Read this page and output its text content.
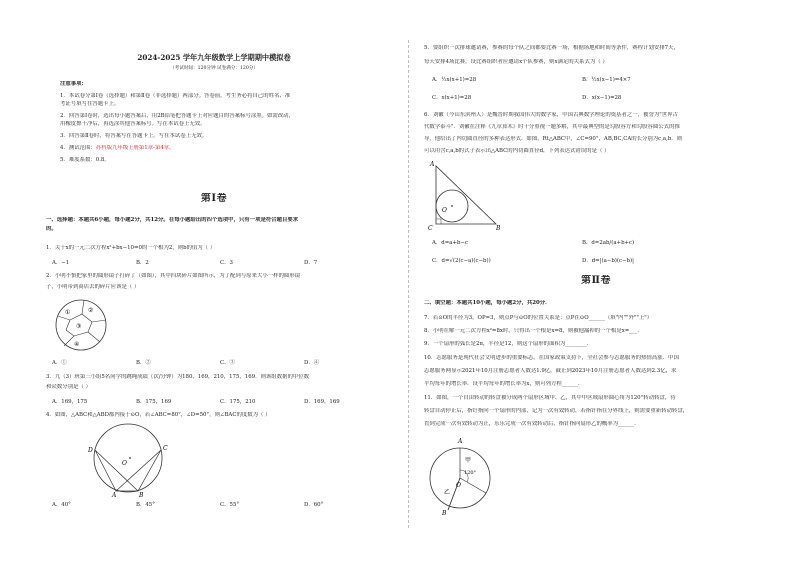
2024-2025 学年九年级数学上学期期中模拟卷
（考试时间：120分钟 试卷满分：120分）
注意事项:
1．本试卷分第Ⅰ卷（选择题）和第Ⅱ卷（非选择题）两部分。答卷前，考生务必将自己的姓名、准
考证号填写在答题卡上。
2．回答第Ⅰ卷时，选出每小题答案后，用2B铅笔把答题卡上对应题目的答案标号涂黑。如需改动，
用橡皮擦干净后，再选涂其他答案标号。写在本试卷上无效。
3．回答第Ⅱ卷时，将答案写在答题卡上。写在本试卷上无效。
4．测试范围：苏科版九年级上册第1章-第4章。
5．难度系数：0.8。
第Ⅰ卷
一、选择题：本题共6小题，每小题2分，共12分。在每小题给出的四个选项中，只有一项是符合题目要求
的。
1．关于x的一元二次方程x²+bx−10=0的一个根为2，则b的值为（ ）
A．−1	B．2	C．3	D．7
2．小明不慎把家里的圆形镜子打碎了（如图），其中四块碎片如图所示，为了配到与原来大小一样的圆形镜
子，小明带到商店去的碎片应该是（ ）
①	②
③
④
A．①	B．②	C．③	D．④
3．九（3）班第三小组5名同学的跳绳成绩（次/分钟）为180，169，210，175，169．则该组数据的中位数
和众数分别是（ ）
A．169，175	B．175，169	C．175，210	D．169，169
4．如图，△ABC和△ABD都内接于⊙O，若∠ABC=80°，∠D=50°，则∠BAC的度数为（ ）
A	B
C
D
O
A．40°	B．45°	C．55°	D．60°
5．要组织一次排球邀请赛，参赛的每个队之间都要比赛一场，根据场地和时间等条件，赛程计划安排7天，
每天安排4场比赛，设比赛组织者应邀请x个队参赛，则x满足的关系式为（ ）
A．½x(x+1)=28	B．½x(x−1)=4×7
C．x(x+1)=28	D．x(x−1)=28
6．刘徽（今山东滨州人）是魏晋时期我国伟大的数学家，中国古典数学理论的奠基者之一，被誉为"世界古
代数学泰斗"．刘徽在注释《九章算术》时十分重视一题多解，其中最典型的是勾股容方和勾股容圆公式的推
导，他给出了内切圆直径的多种表达形式．如图，Rt△ABC中，∠C=90°，AB,BC,CA的长分别为c,a,b．则
可以用含c,a,b的式子表示出△ABC的内切圆直径d，下列表达式错误的是（ ）
A
B
C
O
A．d=a+b−c	B．d=2ab/(a+b+c)
C．d=√(2(c−a)(c−b))	D．d=|(a−b)(c−b)|
第Ⅱ卷
二、填空题：本题共10小题，每小题2分，共20分．
7．若⊙O的半径为3，OP=3，则点P与⊙O的位置关系是：点P在⊙O______（填"内""外""上"）
8．小明在解一元二次方程x²=8x时，只得出一个根是x=8，则被他漏掉的一个根是x=___．
9．一个扇形的弧长是2π，半径是12，则这个扇形的面积为________．
10．志愿服务是现代社会文明进步的重要标志，在国家政策支持下，全社会参与志愿服务的热情高涨．中国
志愿服务网显示2021年10月注册志愿者人数达1.9亿，截止到2023年10月注册志愿者人数达到2.3亿，求
平均每年的增长率．设平均每年的增长率为x，则可列方程______．
11．如图，一个自由转动的转盘被分成两个扇形区域甲、乙，其中甲区域扇形圆心角为120°转动转盘，待
转盘自动停止后，指针指向一个扇形的内部，记为一次有效转动，若指针指在分界线上，则需要重新转动转盘，
直到完成一次有效转动为止，乐乐完成一次有效转动后，指针指向扇形乙的概率为______．
A
甲
120°
O
乙
B
